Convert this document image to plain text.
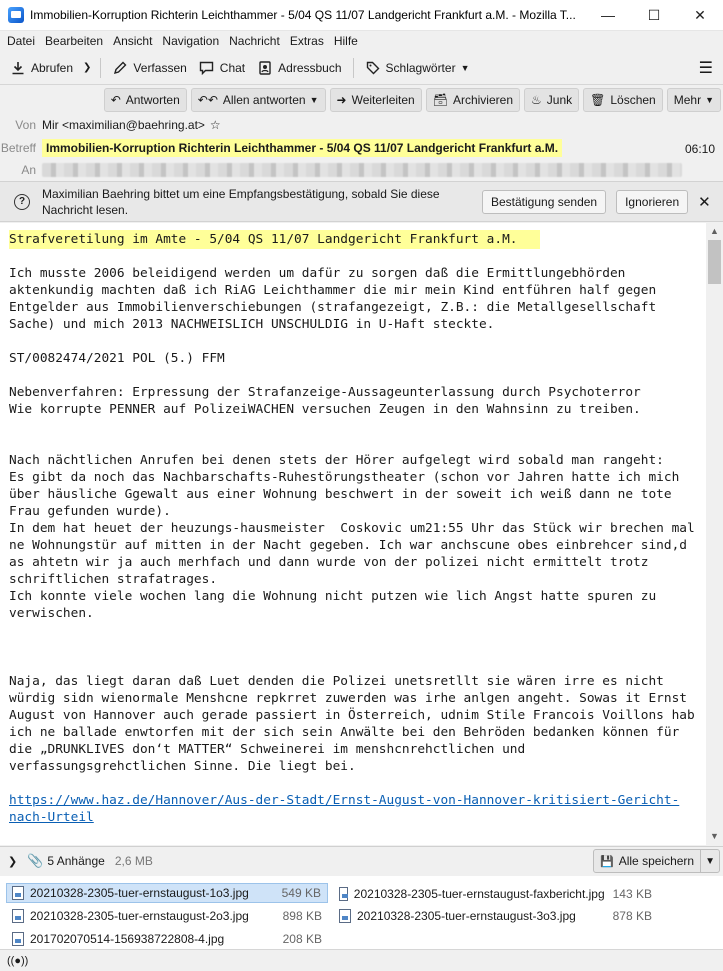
Immobilien-Korruption Richterin Leichthammer - 5/04 QS 11/07 Landgericht Frankfurt a.M. - Mozilla T...	—	☐	✕
Datei Bearbeiten Ansicht Navigation Nachricht Extras Hilfe
Abrufen ❯	Verfassen	Chat	Adressbuch	Schlagwörter ▼	☰
↶ Antworten ↶↶ Allen antworten ▼ ➜ Weiterleiten 🗃 Archivieren ♨ Junk 🗑 Löschen Mehr ▼
Von Mir <maximilian@baehring.at> ☆
Betreff Immobilien-Korruption Richterin Leichthammer - 5/04 QS 11/07 Landgericht Frankfurt a.M.	06:10
An
?
Maximilian Baehring bittet um eine Empfangsbestätigung, sobald Sie diese Nachricht lesen.
Bestätigung senden	Ignorieren	✕
Strafveretilung im Amte - 5/04 QS 11/07 Landgericht Frankfurt a.M.

Ich musste 2006 beleidigend werden um dafür zu sorgen daß die Ermittlungebhörden aktenkundig machten daß ich RiAG Leichthammer die mir mein Kind entführen half gegen Entgelder aus Immobilienverschiebungen (strafangezeigt, Z.B.: die Metallgesellschaft Sache) und mich 2013 NACHWEISLICH UNSCHULDIG in U-Haft steckte.

ST/0082474/2021 POL (5.) FFM

Nebenverfahren: Erpressung der Strafanzeige-Aussageunterlassung durch Psychoterror
Wie korrupte PENNER auf PolizeiWACHEN versuchen Zeugen in den Wahnsinn zu treiben.

Nach nächtlichen Anrufen bei denen stets der Hörer aufgelegt wird sobald man rangeht:
Es gibt da noch das Nachbarschafts-Ruhestörungstheater (schon vor Jahren hatte ich mich über häusliche Ggewalt aus einer Wohnung beschwert in der soweit ich weiß dann ne tote Frau gefunden wurde).
In dem hat heuet der heuzungs-hausmeister  Coskovic um21:55 Uhr das Stück wir brechen mal ne Wohnungstür auf mitten in der Nacht gegeben. Ich war anchscune obes einbrehcer sind,d as ahtetn wir ja auch merhfach und dann wurde von der polizei nicht ermittelt trotz schriftlichen strafatrages.
Ich konnte viele wochen lang die Wohnung nicht putzen wie lich Angst hatte spuren zu verwischen.

Naja, das liegt daran daß Luet denden die Polizei unetsretllt sie wären irre es nicht würdig sidn wienormale Menshcne repkrret zuwerden was irhe anlgen angeht. Sowas it Ernst August von Hannover auch gerade passiert in Österreich, udnim Stile Francois Voillons hab ich ne ballade enwtorfen mit der sich sein Anwälte bei den Behröden bedanken können für die „DRUNKLIVES don‘t MATTER“ Schweinerei im menshcnrehctlichen und verfassungsgrehctlichen Sinne. Die liegt bei.

https://www.haz.de/Hannover/Aus-der-Stadt/Ernst-August-von-Hannover-kritisiert-Gericht-nach-Urteil
▲
▼
❯ 📎 5 Anhänge 2,6 MB	💾 Alle speichern	▼
20210328-2305-tuer-ernstaugust-1o3.jpg	549 KB	20210328-2305-tuer-ernstaugust-faxbericht.jpg 143 KB
20210328-2305-tuer-ernstaugust-2o3.jpg	898 KB	20210328-2305-tuer-ernstaugust-3o3.jpg	878 KB
201702070514-156938722808-4.jpg	208 KB
((●))
